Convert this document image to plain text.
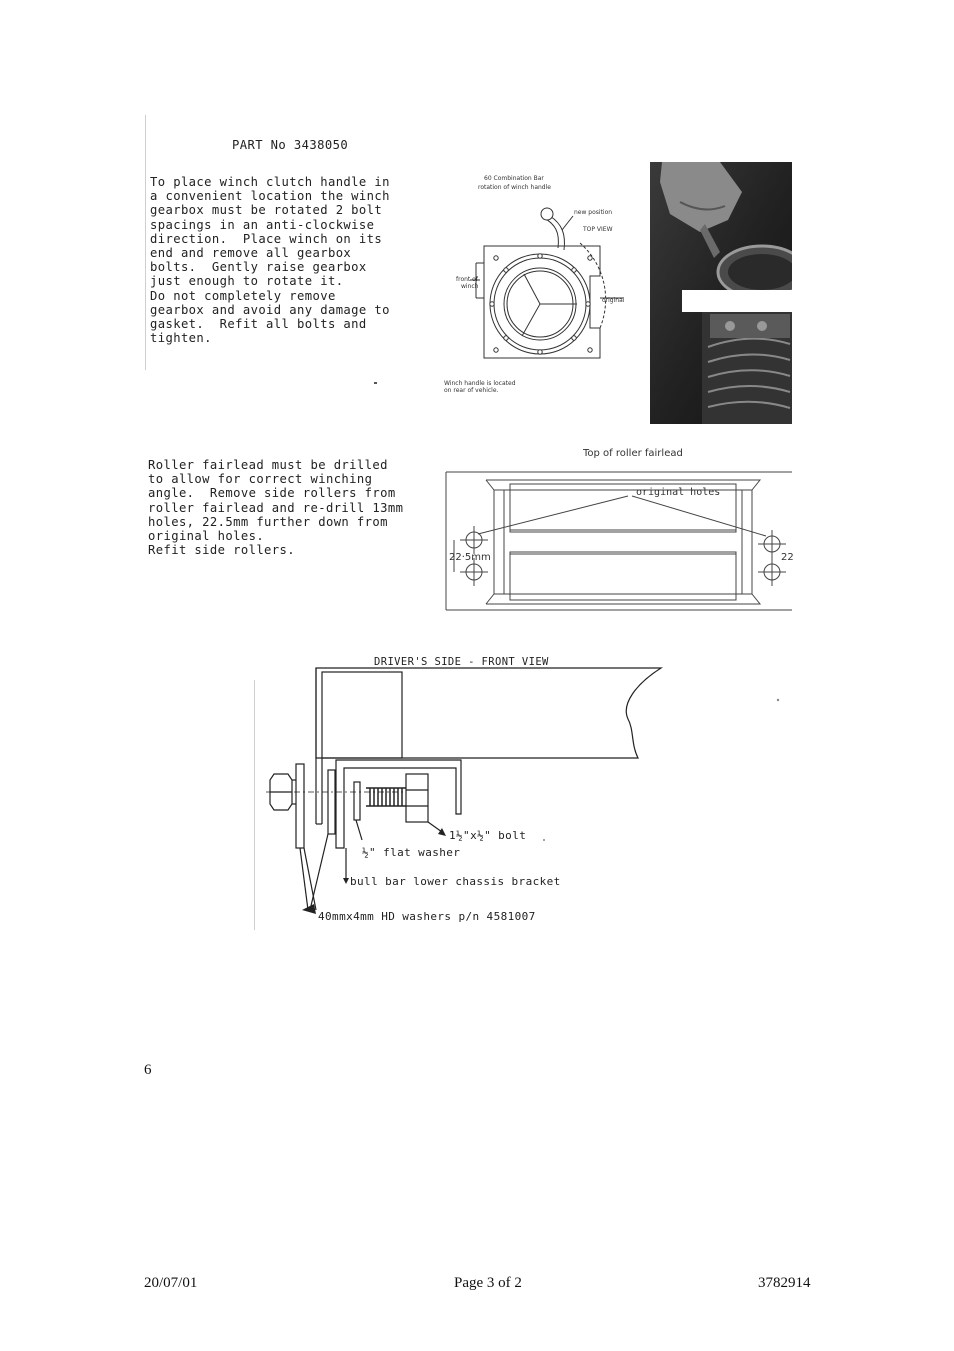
PART No 3438050
To place winch clutch handle in
a convenient location the winch
gearbox must be rotated 2 bolt
spacings in an anti-clockwise
direction.  Place winch on its
end and remove all gearbox
bolts.  Gently raise gearbox
just enough to rotate it.
Do not completely remove
gearbox and avoid any damage to
gasket.  Refit all bolts and
tighten.
60 Combination Bar
rotation of winch handle
new position
TOP VIEW
front of
winch
original
Winch handle is located
on rear of vehicle.
Roller fairlead must be drilled
to allow for correct winching
angle.  Remove side rollers from
roller fairlead and re-drill 13mm
holes, 22.5mm further down from
original holes.
Refit side rollers.
Top of roller fairlead
original holes
22·5mm	22
DRIVER'S SIDE - FRONT VIEW
1½"x½" bolt
½" flat washer
bull bar lower chassis bracket
40mmx4mm HD washers p/n 4581007
6
20/07/01	Page 3 of 2	3782914
